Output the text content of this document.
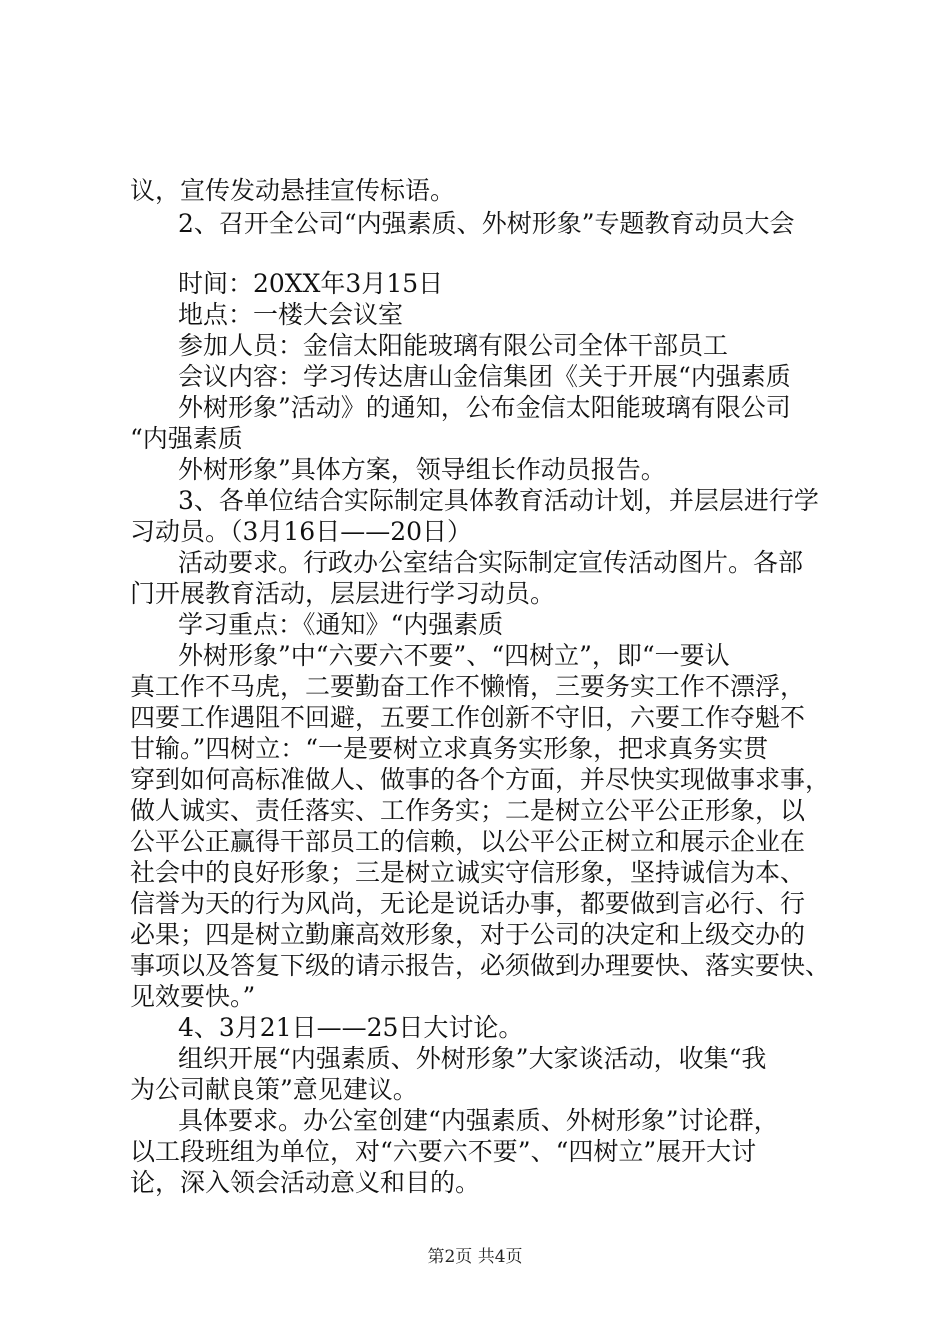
议，宣传发动悬挂宣传标语。
2、召开全公司“内强素质、外树形象”专题教育动员大会
时间：20XX年3月15日
地点：一楼大会议室
参加人员：金信太阳能玻璃有限公司全体干部员工
会议内容：学习传达唐山金信集团《关于开展“内强素质
外树形象”活动》的通知，公布金信太阳能玻璃有限公司
“内强素质
外树形象”具体方案，领导组长作动员报告。
3、各单位结合实际制定具体教育活动计划，并层层进行学
习动员。（3月16日——20日）
活动要求。行政办公室结合实际制定宣传活动图片。各部
门开展教育活动，层层进行学习动员。
学习重点：《通知》“内强素质
外树形象”中“六要六不要”、“四树立”，即“一要认
真工作不马虎，二要勤奋工作不懒惰，三要务实工作不漂浮，
四要工作遇阻不回避，五要工作创新不守旧，六要工作夺魁不
甘输。”四树立：“一是要树立求真务实形象，把求真务实贯
穿到如何高标准做人、做事的各个方面，并尽快实现做事求事，
做人诚实、责任落实、工作务实；二是树立公平公正形象，以
公平公正赢得干部员工的信赖，以公平公正树立和展示企业在
社会中的良好形象；三是树立诚实守信形象，坚持诚信为本、
信誉为天的行为风尚，无论是说话办事，都要做到言必行、行
必果；四是树立勤廉高效形象，对于公司的决定和上级交办的
事项以及答复下级的请示报告，必须做到办理要快、落实要快、
见效要快。”
4、3月21日——25日大讨论。
组织开展“内强素质、外树形象”大家谈活动，收集“我
为公司献良策”意见建议。
具体要求。办公室创建“内强素质、外树形象”讨论群，
以工段班组为单位，对“六要六不要”、“四树立”展开大讨
论，深入领会活动意义和目的。
第2页 共4页
